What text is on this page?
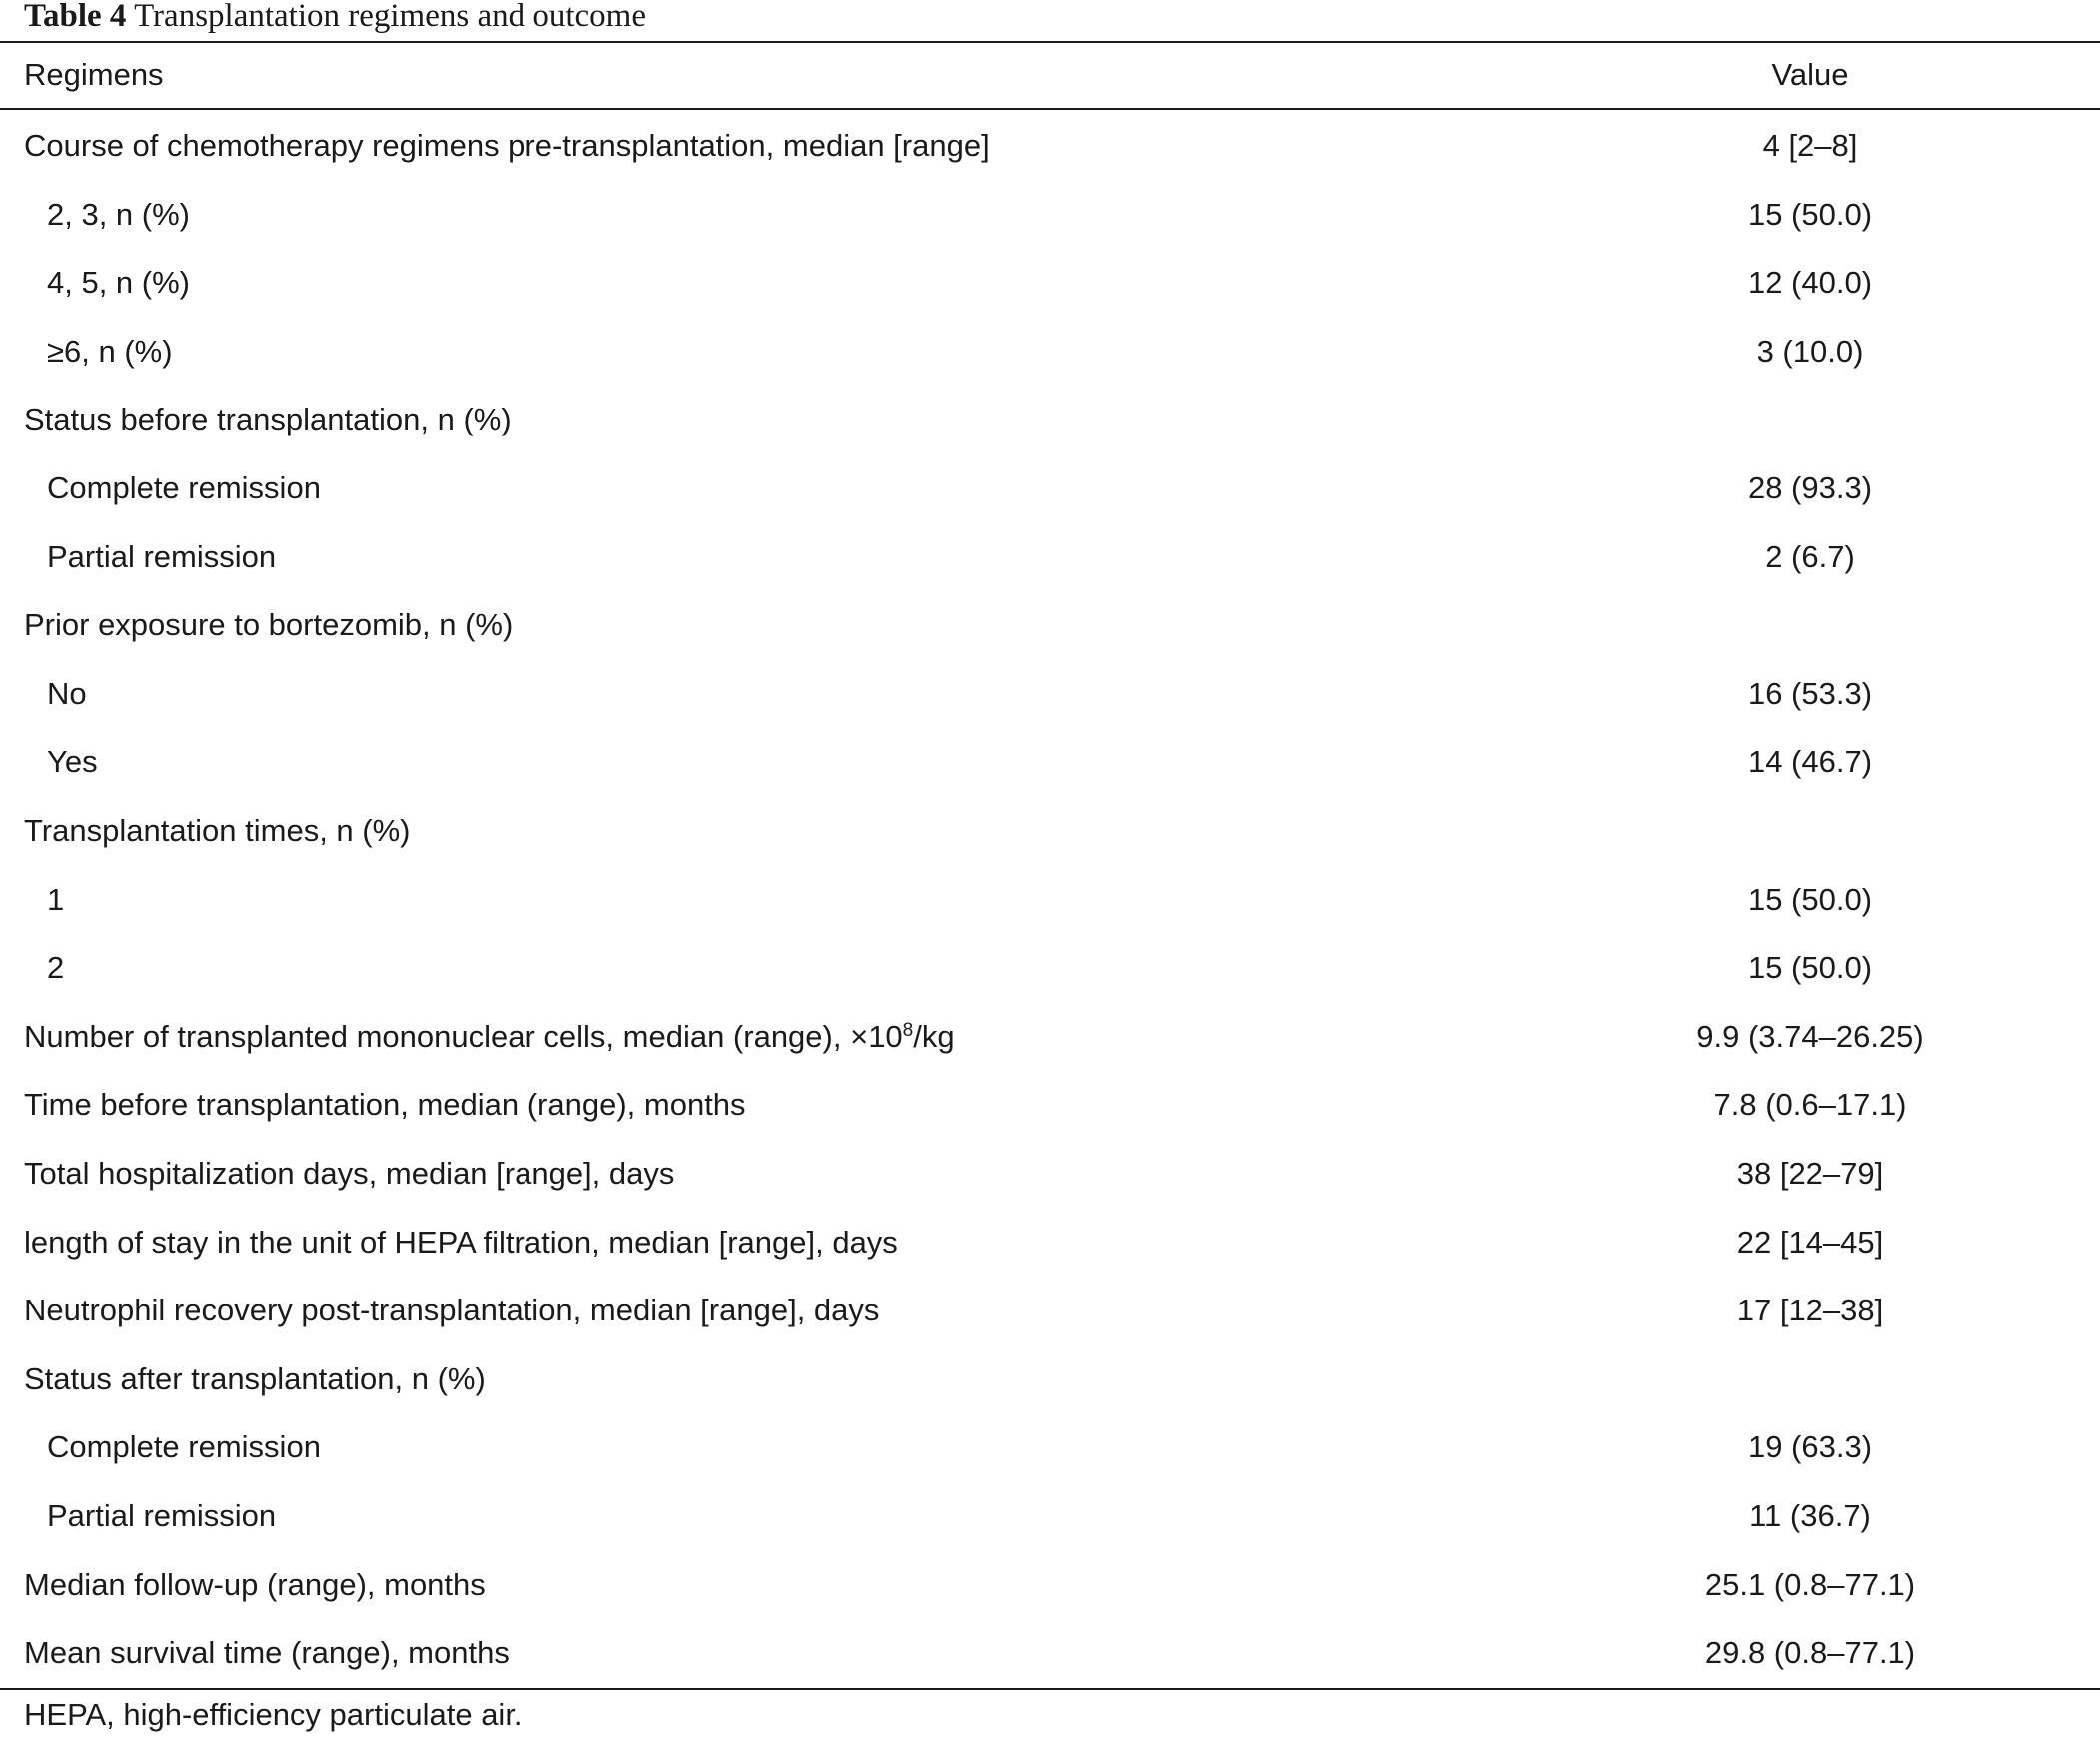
Table 4 Transplantation regimens and outcome
Regimens	Value
Course of chemotherapy regimens pre-transplantation, median [range]	4 [2–8]
2, 3, n (%)	15 (50.0)
4, 5, n (%)	12 (40.0)
≥6, n (%)	3 (10.0)
Status before transplantation, n (%)
Complete remission	28 (93.3)
Partial remission	2 (6.7)
Prior exposure to bortezomib, n (%)
No	16 (53.3)
Yes	14 (46.7)
Transplantation times, n (%)
1	15 (50.0)
2	15 (50.0)
Number of transplanted mononuclear cells, median (range), $\times 10^8/kg$	9.9 (3.74–26.25)
Time before transplantation, median (range), months	7.8 (0.6–17.1)
Total hospitalization days, median [range], days	38 [22–79]
length of stay in the unit of HEPA filtration, median [range], days	22 [14–45]
Neutrophil recovery post-transplantation, median [range], days	17 [12–38]
Status after transplantation, n (%)
Complete remission	19 (63.3)
Partial remission	11 (36.7)
Median follow-up (range), months	25.1 (0.8–77.1)
Mean survival time (range), months	29.8 (0.8–77.1)
HEPA, high-efficiency particulate air.
